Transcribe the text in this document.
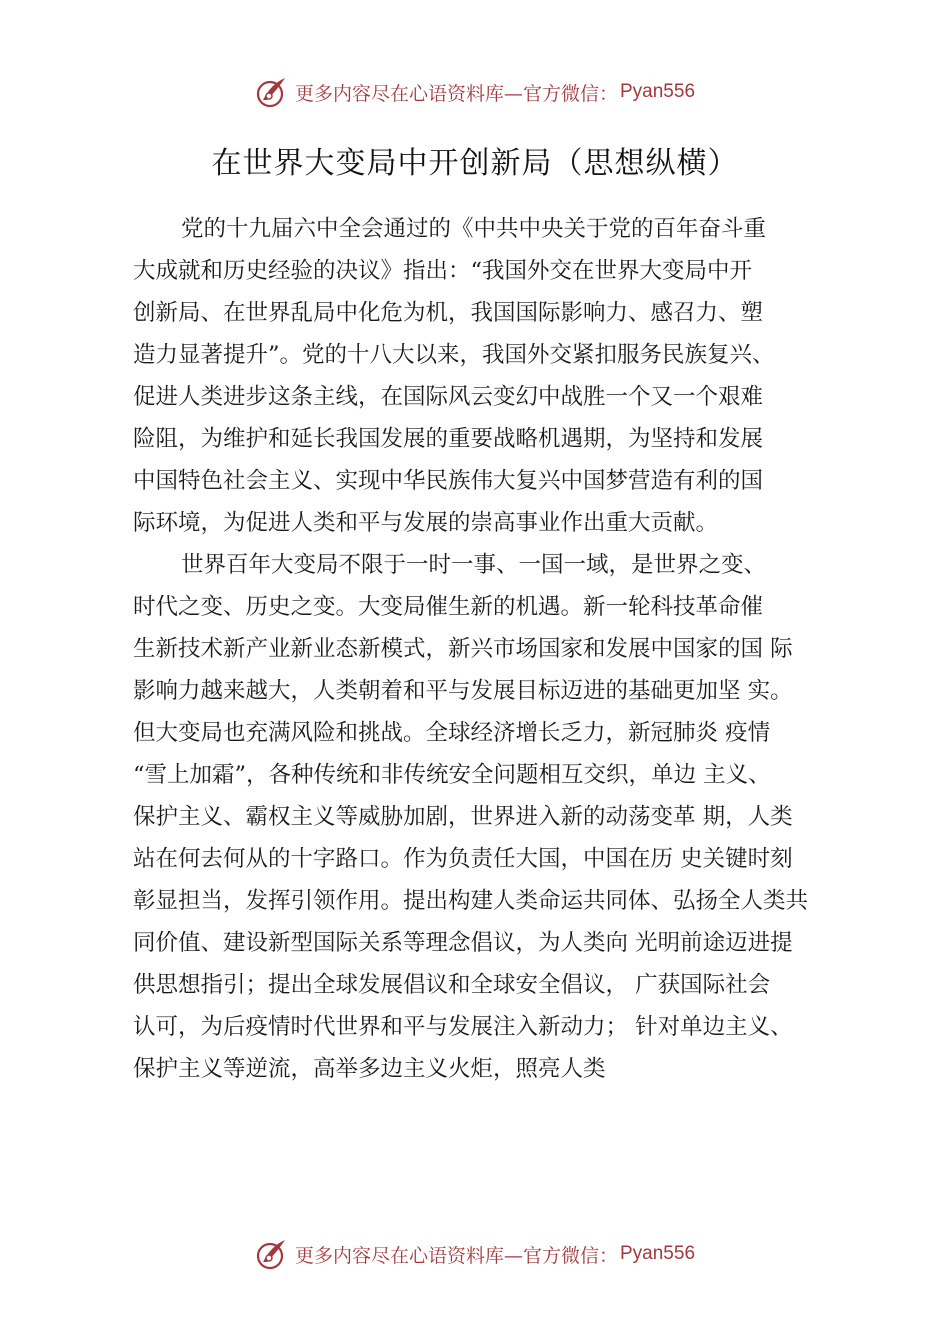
更多内容尽在心语资料库—官方微信： Pyan556
在世界大变局中开创新局（思想纵横）
党的十九届六中全会通过的《中共中央关于党的百年奋斗重
大成就和历史经验的决议》指出：“我国外交在世界大变局中开
创新局、在世界乱局中化危为机，我国国际影响力、感召力、塑
造力显著提升”。党的十八大以来，我国外交紧扣服务民族复兴、
促进人类进步这条主线，在国际风云变幻中战胜一个又一个艰难
险阻，为维护和延长我国发展的重要战略机遇期，为坚持和发展
中国特色社会主义、实现中华民族伟大复兴中国梦营造有利的国
际环境，为促进人类和平与发展的崇高事业作出重大贡献。
世界百年大变局不限于一时一事、一国一域，是世界之变、
时代之变、历史之变。大变局催生新的机遇。新一轮科技革命催
生新技术新产业新业态新模式，新兴市场国家和发展中国家的国 际
影响力越来越大，人类朝着和平与发展目标迈进的基础更加坚 实。
但大变局也充满风险和挑战。全球经济增长乏力，新冠肺炎 疫情
“雪上加霜”，各种传统和非传统安全问题相互交织，单边 主义、
保护主义、霸权主义等威胁加剧，世界进入新的动荡变革 期，人类
站在何去何从的十字路口。作为负责任大国，中国在历 史关键时刻
彰显担当，发挥引领作用。提出构建人类命运共同体、弘扬全人类共
同价值、建设新型国际关系等理念倡议，为人类向 光明前途迈进提
供思想指引；提出全球发展倡议和全球安全倡议， 广获国际社会
认可，为后疫情时代世界和平与发展注入新动力； 针对单边主义、
保护主义等逆流，高举多边主义火炬，照亮人类
更多内容尽在心语资料库—官方微信： Pyan556
